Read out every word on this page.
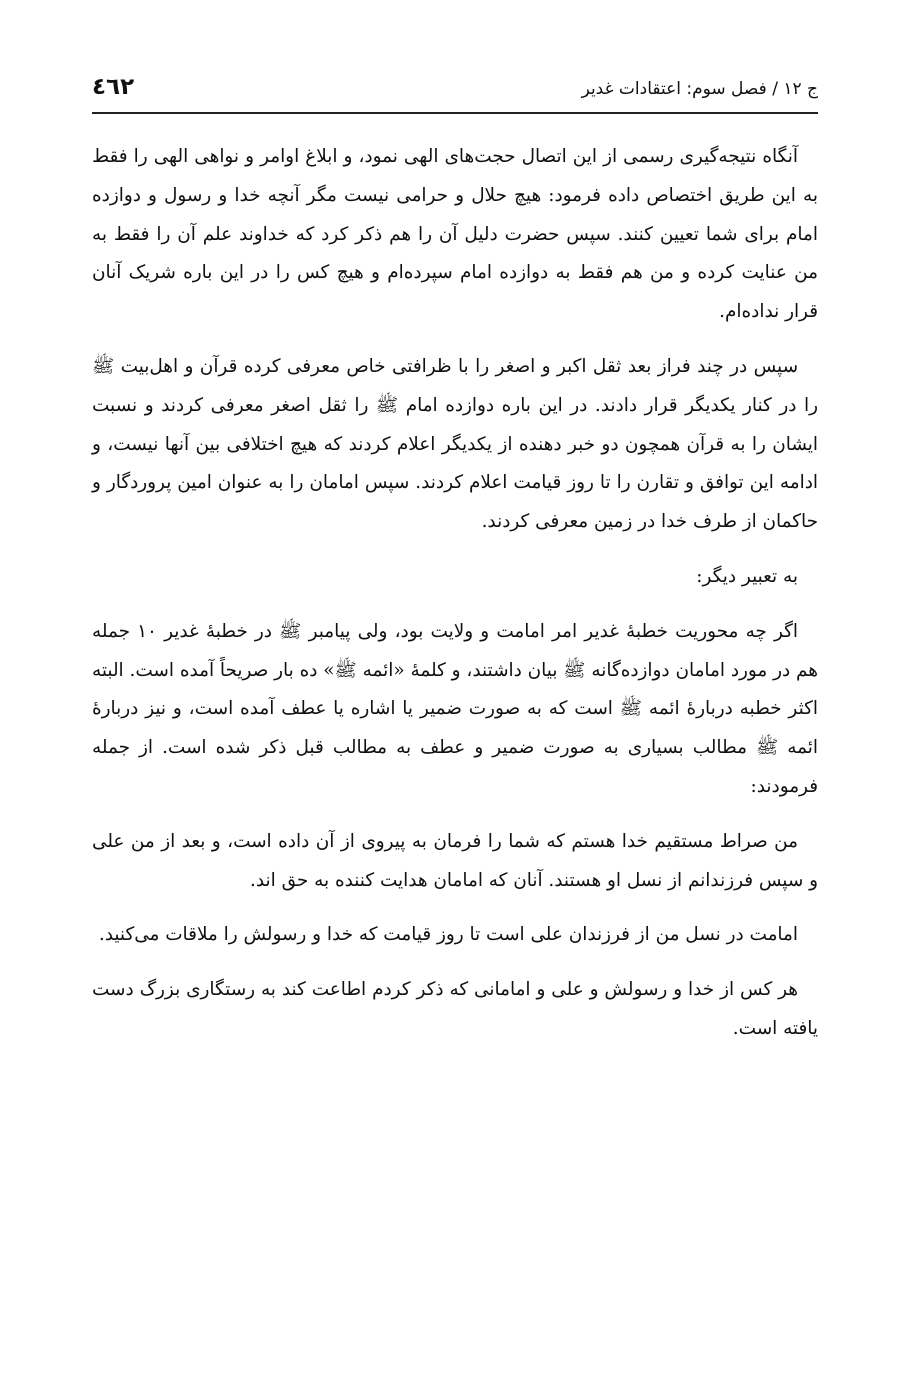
٤٦٢	ج ۱۲ / فصل سوم: اعتقادات غدیر

آنگاه نتیجه‌گیری رسمی از این اتصال حجت‌های الهی نمود، و ابلاغ اوامر و نواهی الهی را فقط به این طریق اختصاص داده فرمود: هیچ حلال و حرامی نیست مگر آنچه خدا و رسول و دوازده امام برای شما تعیین کنند. سپس حضرت دلیل آن را هم ذکر کرد که خداوند علم آن را فقط به من عنایت کرده و من هم فقط به دوازده امام سپرده‌ام و هیچ کس را در این باره شریک آنان قرار نداده‌ام.

سپس در چند فراز بعد ثقل اکبر و اصغر را با ظرافتی خاص معرفی کرده قرآن و اهل‌بیت ﷺ را در کنار یکدیگر قرار دادند. در این باره دوازده امام ﷺ را ثقل اصغر معرفی کردند و نسبت ایشان را به قرآن همچون دو خبر دهنده از یکدیگر اعلام کردند که هیچ اختلافی بین آنها نیست، و ادامه این توافق و تقارن را تا روز قیامت اعلام کردند. سپس امامان را به عنوان امین پروردگار و حاکمان از طرف خدا در زمین معرفی کردند.

به تعبیر دیگر:

اگر چه محوریت خطبۀ غدیر امر امامت و ولایت بود، ولی پیامبر ﷺ در خطبۀ غدیر ۱۰ جمله هم در مورد امامان دوازده‌گانه ﷺ بیان داشتند، و کلمۀ «ائمه ﷺ» ده بار صریحاً آمده است. البته اکثر خطبه دربارۀ ائمه ﷺ است که به صورت ضمیر یا اشاره یا عطف آمده است، و نیز دربارۀ ائمه ﷺ مطالب بسیاری به صورت ضمیر و عطف به مطالب قبل ذکر شده است. از جمله فرمودند:

من صراط مستقیم خدا هستم که شما را فرمان به پیروی از آن داده است، و بعد از من علی و سپس فرزندانم از نسل او هستند. آنان که امامان هدایت کننده به حق اند.

امامت در نسل من از فرزندان علی است تا روز قیامت که خدا و رسولش را ملاقات می‌کنید.

هر کس از خدا و رسولش و علی و امامانی که ذکر کردم اطاعت کند به رستگاری بزرگ دست یافته است.
